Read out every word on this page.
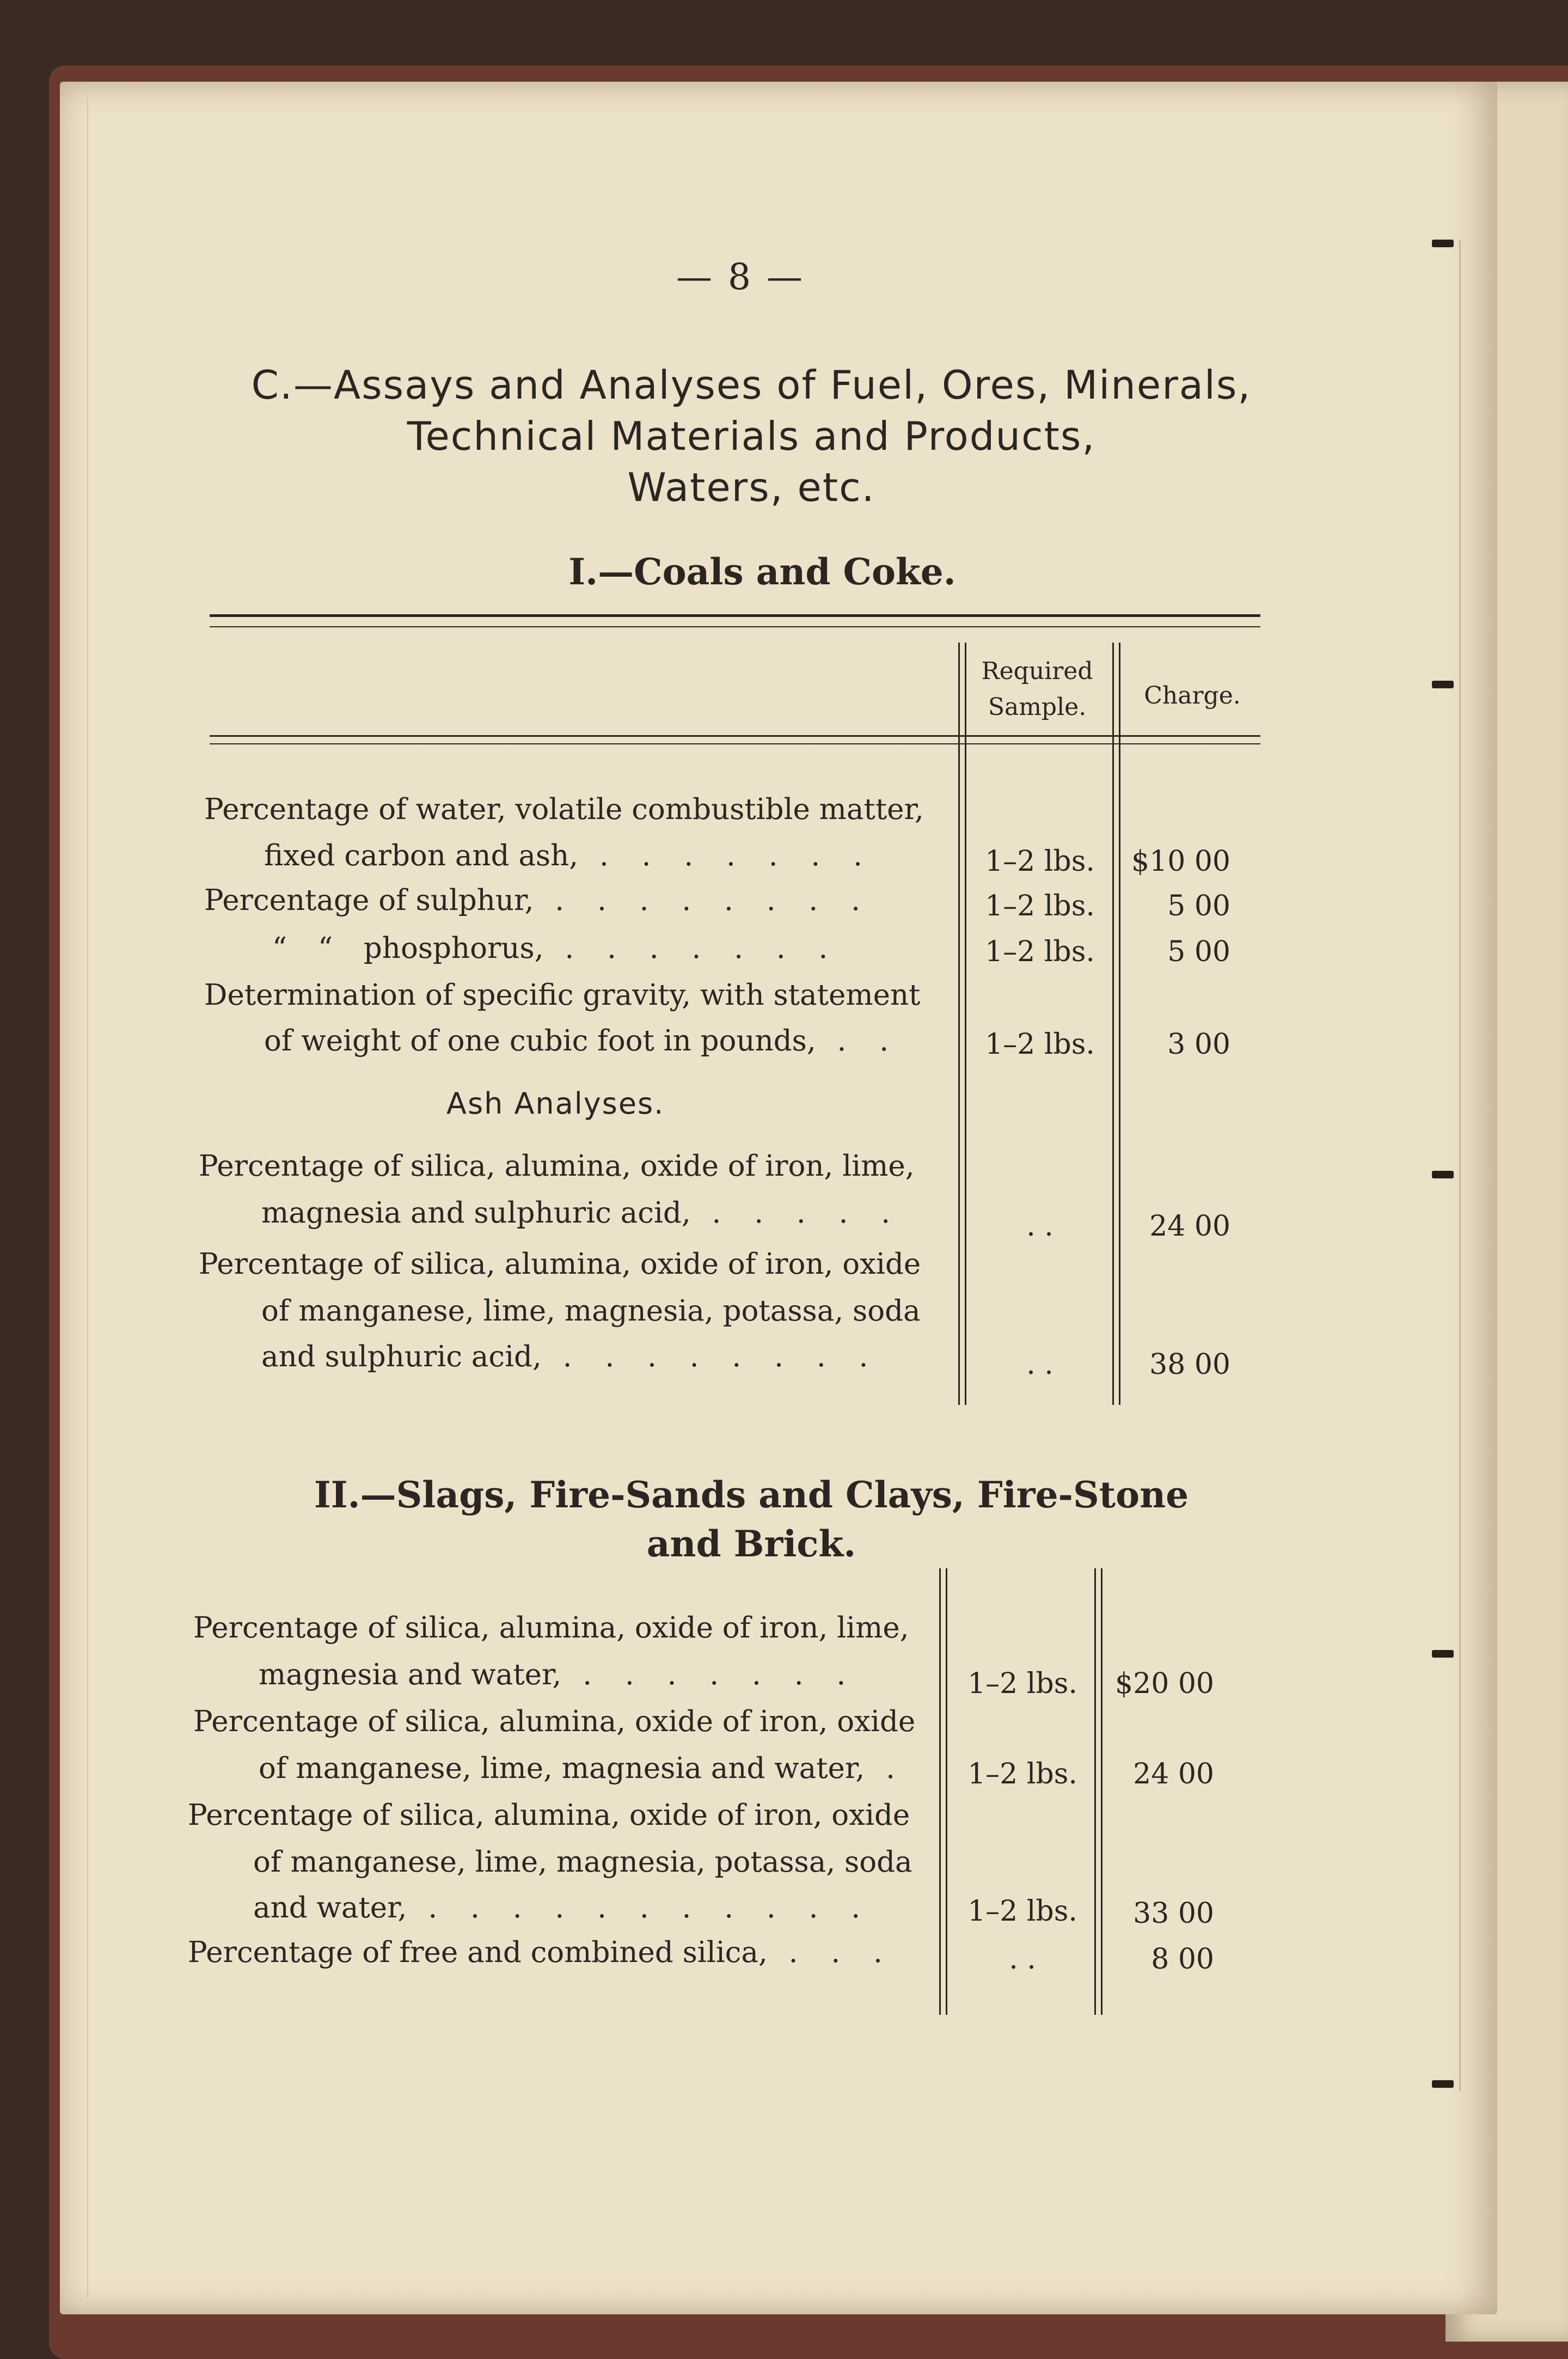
— 8 —
C.—Assays and Analyses of Fuel, Ores, Minerals,
Technical Materials and Products,
Waters, etc.
I.—Coals and Coke.
Required
Sample.	Charge.
Percentage of water, volatile combustible matter,
fixed carbon and ash, . . . . . . .	1–2 lbs.	$10 00
Percentage of sulphur, . . . . . . . .	1–2 lbs.	5 00
“ “ phosphorus, . . . . . . .	1–2 lbs.	5 00
Determination of specific gravity, with statement
of weight of one cubic foot in pounds, . .	1–2 lbs.	3 00
Ash Analyses.
Percentage of silica, alumina, oxide of iron, lime,
magnesia and sulphuric acid, . . . . .	. .	24 00
Percentage of silica, alumina, oxide of iron, oxide
of manganese, lime, magnesia, potassa, soda
and sulphuric acid, . . . . . . . .	. .	38 00
II.—Slags, Fire-Sands and Clays, Fire-Stone
and Brick.
Percentage of silica, alumina, oxide of iron, lime,
magnesia and water, . . . . . . .	1–2 lbs.	$20 00
Percentage of silica, alumina, oxide of iron, oxide
of manganese, lime, magnesia and water, .	1–2 lbs.	24 00
Percentage of silica, alumina, oxide of iron, oxide
of manganese, lime, magnesia, potassa, soda
and water, . . . . . . . . . . .	1–2 lbs.	33 00
Percentage of free and combined silica, . . .	. .	8 00
